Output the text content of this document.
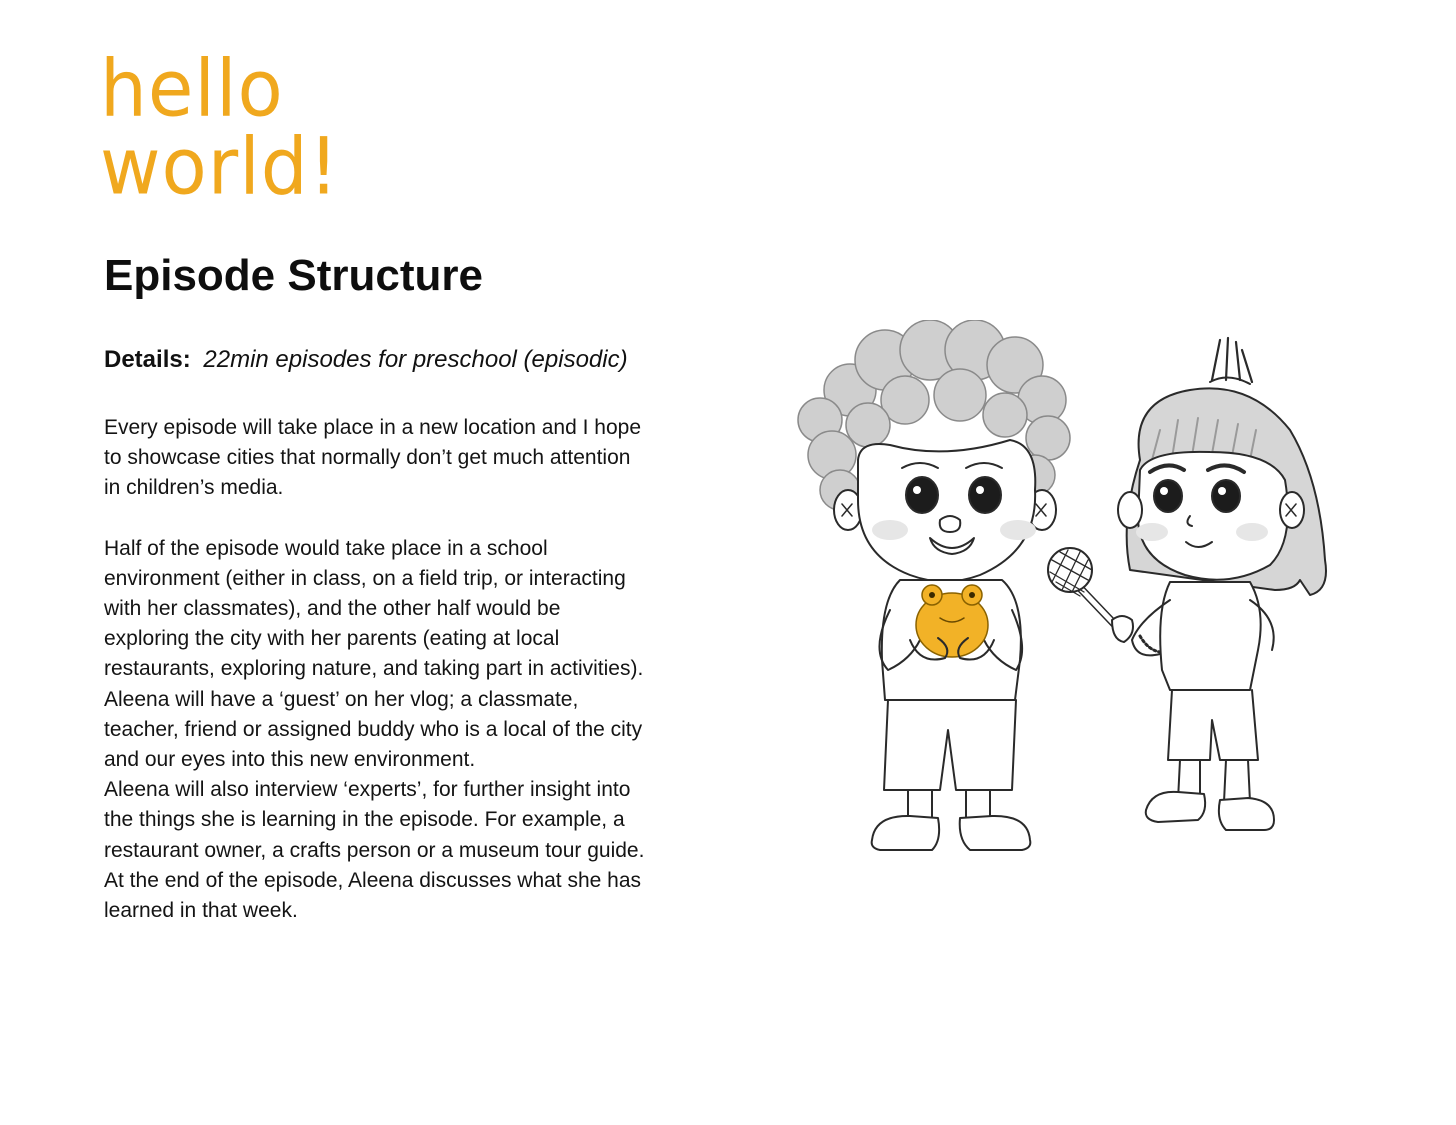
hello
world!
Episode Structure
Details: 22min episodes for preschool (episodic)

Every episode will take place in a new location and I hope
to showcase cities that normally don’t get much attention
in children’s media.

Half of the episode would take place in a school
environment (either in class, on a field trip, or interacting
with her classmates), and the other half would be
exploring the city with her parents (eating at local
restaurants, exploring nature, and taking part in activities).
Aleena will have a ‘guest’ on her vlog; a classmate,
teacher, friend or assigned buddy who is a local of the city
and our eyes into this new environment.
Aleena will also interview ‘experts’, for further insight into
the things she is learning in the episode. For example, a
restaurant owner, a crafts person or a museum tour guide.
At the end of the episode, Aleena discusses what she has
learned in that week.
